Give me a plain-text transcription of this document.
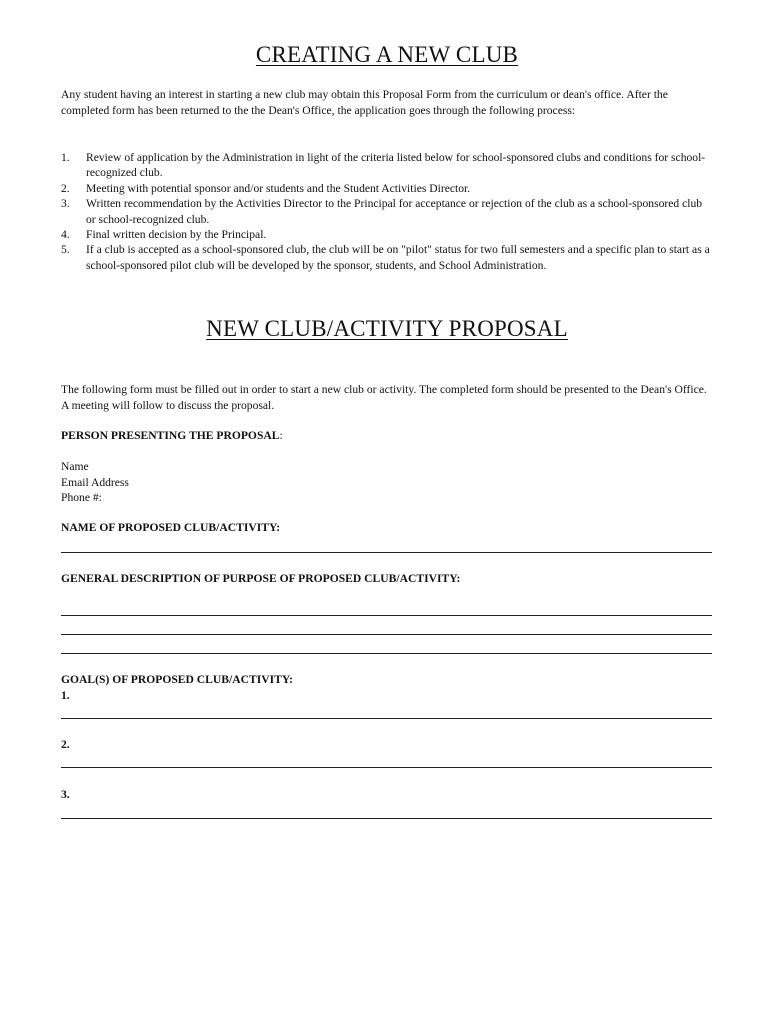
CREATING A NEW CLUB

Any student having an interest in starting a new club may obtain this Proposal Form from the curriculum or dean's office. After the completed form has been returned to the the Dean's Office, the application goes through the following process:

1. Review of application by the Administration in light of the criteria listed below for school-sponsored clubs and conditions for school-recognized club.
2. Meeting with potential sponsor and/or students and the Student Activities Director.
3. Written recommendation by the Activities Director to the Principal for acceptance or rejection of the club as a school-sponsored club or school-recognized club.
4. Final written decision by the Principal.
5. If a club is accepted as a school-sponsored club, the club will be on "pilot" status for two full semesters and a specific plan to start as a school-sponsored pilot club will be developed by the sponsor, students, and School Administration.
NEW CLUB/ACTIVITY PROPOSAL

The following form must be filled out in order to start a new club or activity. The completed form should be presented to the Dean's Office. A meeting will follow to discuss the proposal.

PERSON PRESENTING THE PROPOSAL:

Name

Email Address

Phone #:

NAME OF PROPOSED CLUB/ACTIVITY:

GENERAL DESCRIPTION OF PURPOSE OF PROPOSED CLUB/ACTIVITY:

GOAL(S) OF PROPOSED CLUB/ACTIVITY:

1.
2.
3.
